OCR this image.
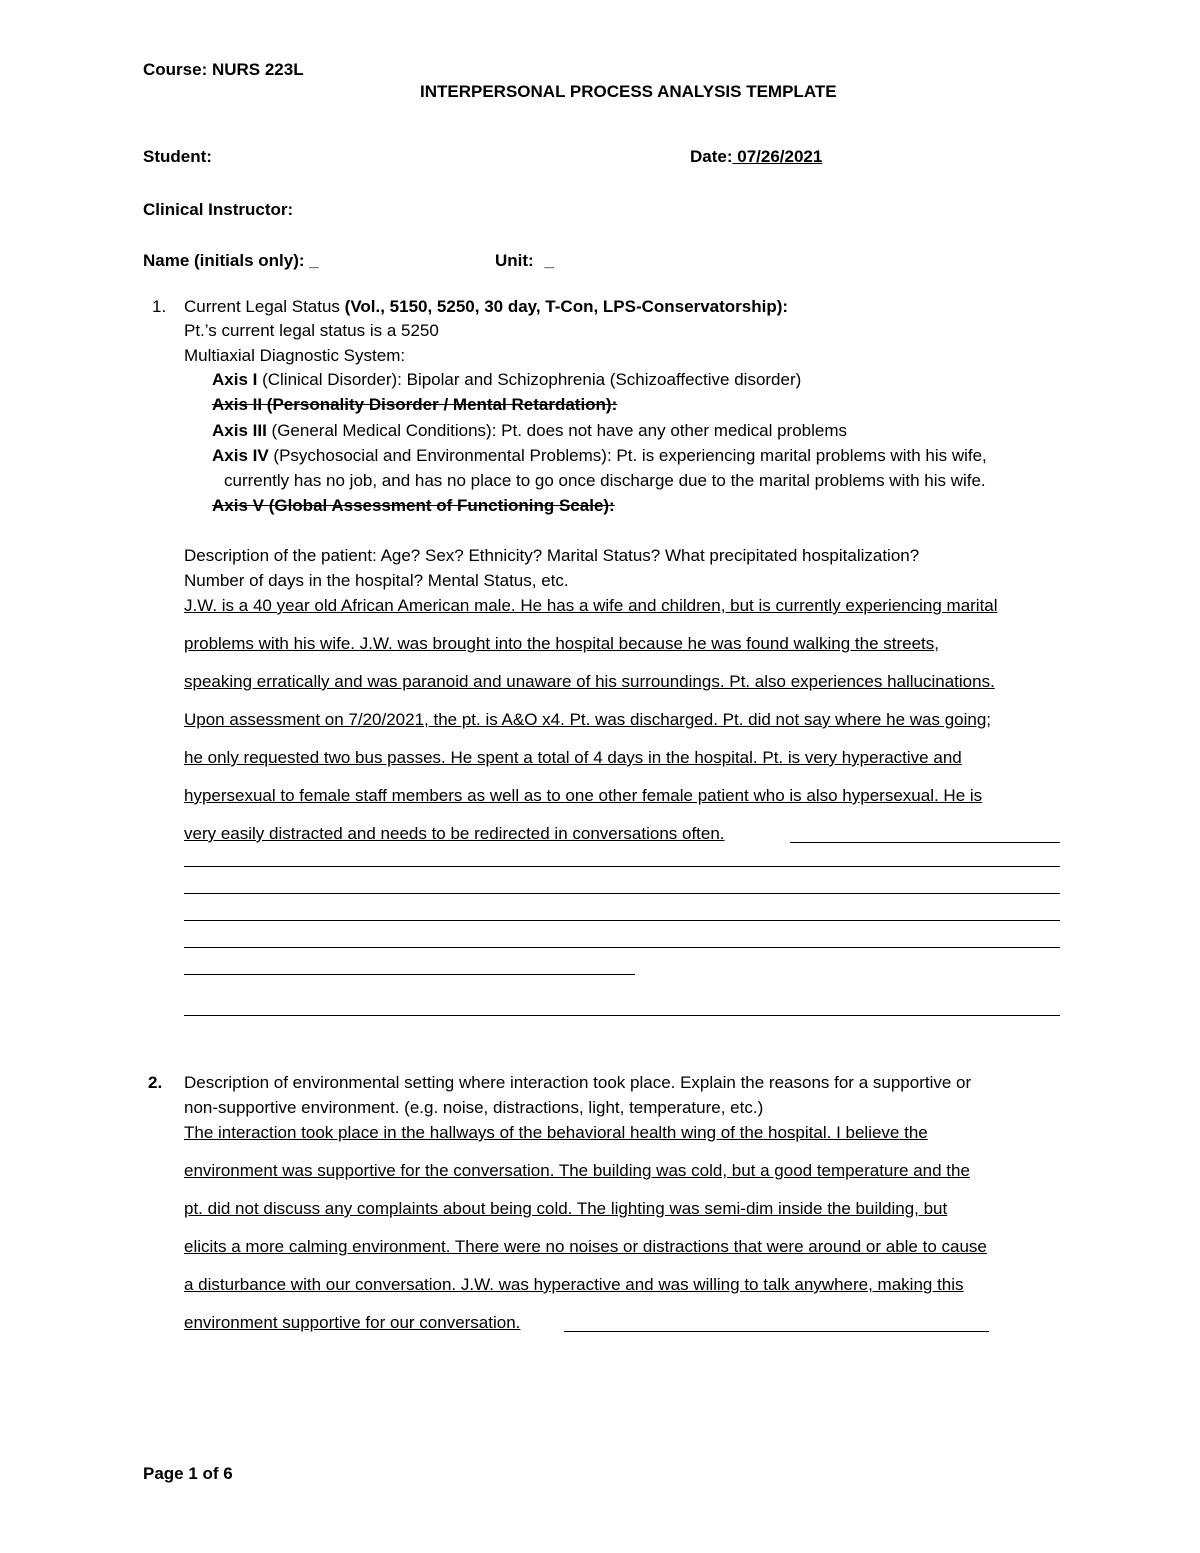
Course: NURS 223L
INTERPERSONAL PROCESS ANALYSIS TEMPLATE
Student:	Date: 07/26/2021
Clinical Instructor:
Name (initials only): _	Unit: _
1. Current Legal Status (Vol., 5150, 5250, 30 day, T-Con, LPS-Conservatorship):
Pt.’s current legal status is a 5250
Multiaxial Diagnostic System:
Axis I (Clinical Disorder): Bipolar and Schizophrenia (Schizoaffective disorder)
Axis II (Personality Disorder / Mental Retardation):
Axis III (General Medical Conditions): Pt. does not have any other medical problems
Axis IV (Psychosocial and Environmental Problems): Pt. is experiencing marital problems with his wife,
currently has no job, and has no place to go once discharge due to the marital problems with his wife.
Axis V (Global Assessment of Functioning Scale):
Description of the patient: Age? Sex? Ethnicity? Marital Status? What precipitated hospitalization?
Number of days in the hospital? Mental Status, etc.
J.W. is a 40 year old African American male. He has a wife and children, but is currently experiencing marital
problems with his wife. J.W. was brought into the hospital because he was found walking the streets,
speaking erratically and was paranoid and unaware of his surroundings. Pt. also experiences hallucinations.
Upon assessment on 7/20/2021, the pt. is A&O x4. Pt. was discharged. Pt. did not say where he was going;
he only requested two bus passes. He spent a total of 4 days in the hospital. Pt. is very hyperactive and
hypersexual to female staff members as well as to one other female patient who is also hypersexual. He is
very easily distracted and needs to be redirected in conversations often.
2. Description of environmental setting where interaction took place. Explain the reasons for a supportive or
non-supportive environment. (e.g. noise, distractions, light, temperature, etc.)
The interaction took place in the hallways of the behavioral health wing of the hospital. I believe the
environment was supportive for the conversation. The building was cold, but a good temperature and the
pt. did not discuss any complaints about being cold. The lighting was semi-dim inside the building, but
elicits a more calming environment. There were no noises or distractions that were around or able to cause
a disturbance with our conversation. J.W. was hyperactive and was willing to talk anywhere, making this
environment supportive for our conversation.
Page 1 of 6
